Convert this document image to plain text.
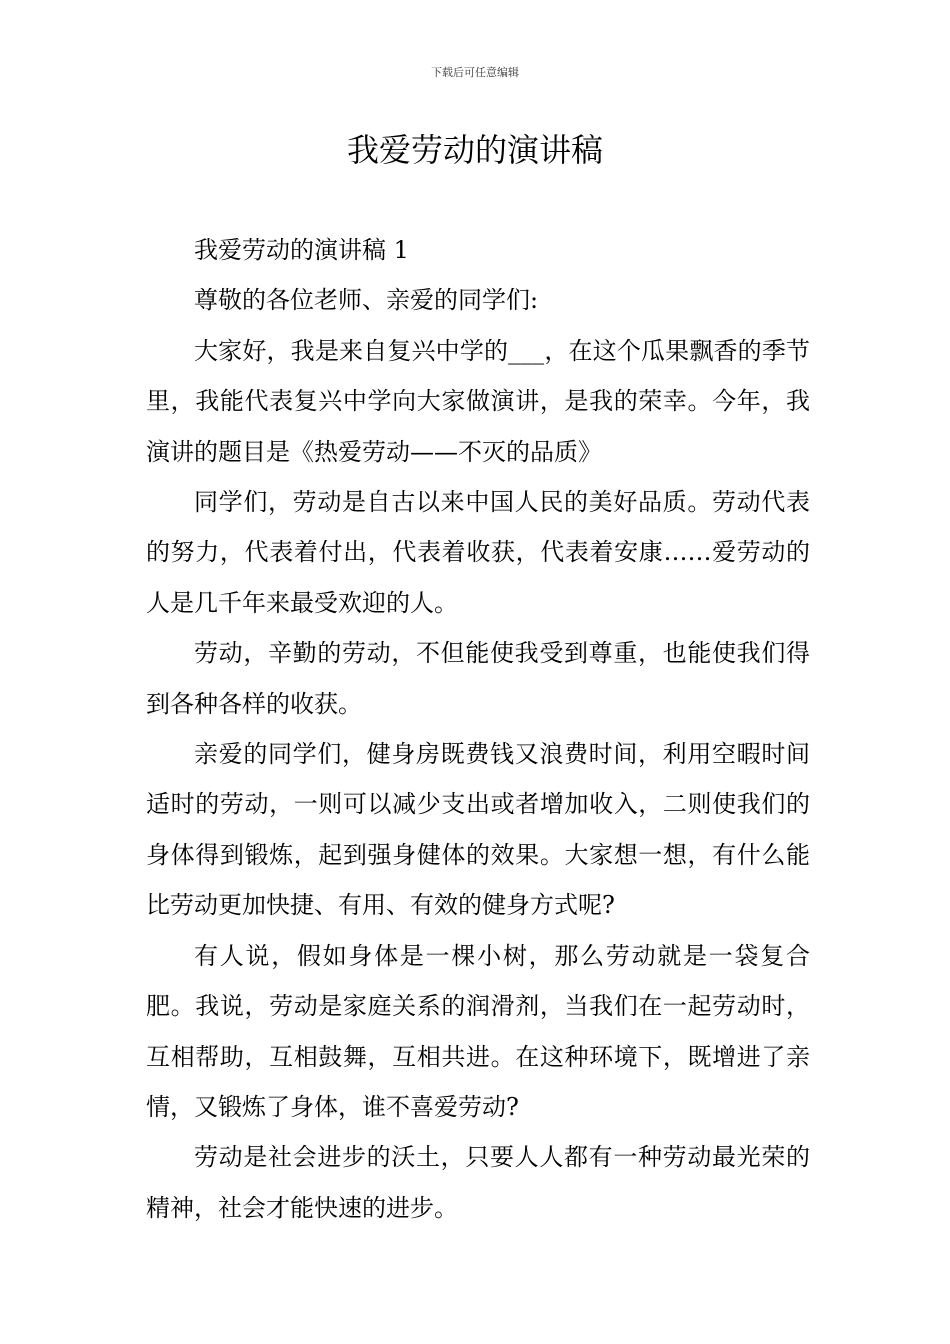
下载后可任意编辑
我爱劳动的演讲稿

我爱劳动的演讲稿 1

尊敬的各位老师、亲爱的同学们:

大家好，我是来自复兴中学的___，在这个瓜果飘香的季节里，我能代表复兴中学向大家做演讲，是我的荣幸。今年，我演讲的题目是《热爱劳动——不灭的品质》

同学们，劳动是自古以来中国人民的美好品质。劳动代表的努力，代表着付出，代表着收获，代表着安康……爱劳动的人是几千年来最受欢迎的人。

劳动，辛勤的劳动，不但能使我受到尊重，也能使我们得到各种各样的收获。

亲爱的同学们，健身房既费钱又浪费时间，利用空暇时间适时的劳动，一则可以减少支出或者增加收入，二则使我们的身体得到锻炼，起到强身健体的效果。大家想一想，有什么能比劳动更加快捷、有用、有效的健身方式呢?

有人说，假如身体是一棵小树，那么劳动就是一袋复合肥。我说，劳动是家庭关系的润滑剂，当我们在一起劳动时，互相帮助，互相鼓舞，互相共进。在这种环境下，既增进了亲情，又锻炼了身体，谁不喜爱劳动?

劳动是社会进步的沃土，只要人人都有一种劳动最光荣的精神，社会才能快速的进步。
